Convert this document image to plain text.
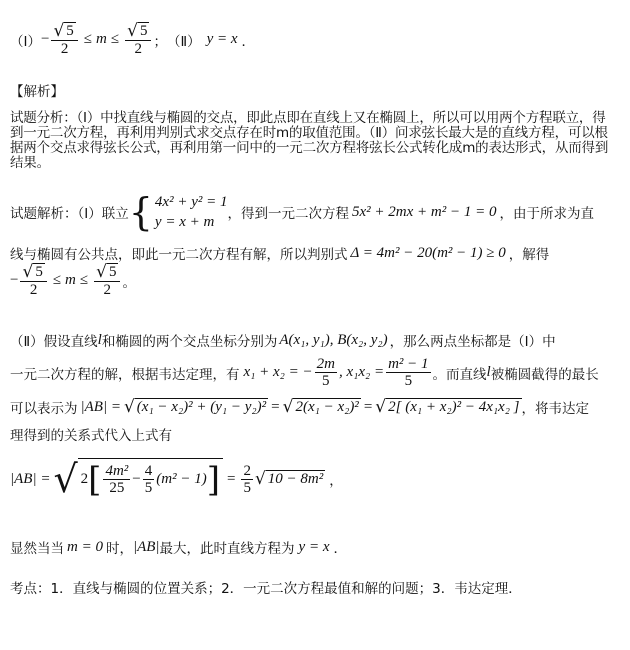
（Ⅰ） − $\frac{√ 5}{2} \le m \le \frac{√ 5}{2}$ ； （Ⅱ） y = x ．
【解析】
试题分析：（Ⅰ）中找直线与椭圆的交点，即此点即在直线上又在椭圆上，所以可以用两个方程联立，得到一元二次方程，再利用判别式求交点存在时m的取值范围。（Ⅱ）问求弦长最大是的直线方程，可以根据两个交点求得弦长公式，再利用第一问中的一元二次方程将弦长公式转化成m的表达形式，从而得到结果。
试题解析：（Ⅰ）联立 { 4x² + y² = 1
y = x + m ，得到一元二次方程 5x² + 2mx + m² − 1 = 0 ，由于所求为直
线与椭圆有公共点，即此一元二次方程有解，所以判别式 Δ = 4m² − 20(m² − 1) ≥ 0 ，解得
− $\frac{√ 5}{2} \le m \le \frac{√ 5}{2}$ 。
（Ⅱ）假设直线 l 和椭圆的两个交点坐标分别为 A(x₁, y₁), B(x₂, y₂) ，那么两点坐标都是（Ⅰ）中
一元二次方程的解，根据韦达定理，有 x₁ + x₂ = − $\frac{2m}{5}$ , $x_1x_2 = \frac{\text{m² − 1}}{5}$ 。而直线 l 被椭圆截得的最长
可以表示为 |AB| = √ (x₁ − x₂)² + (y₁ − y₂)² = √ 2(x₁ − x₂)² = √ 2[ (x₁ + x₂)² − 4x₁x₂ ] ，将韦达定
理得到的关系式代入上式有
|AB| = √ 2 [ $\frac{\text{4m²}}{25} - \frac{4}{5} (m^2 - 1)$ ] = $\frac{2}{5}$ √ 10 − 8m² ，
显然当当 m = 0 时， |AB| 最大，此时直线方程为 y = x ．
考点：1．直线与椭圆的位置关系；2．一元二次方程最值和解的问题；3．韦达定理．
